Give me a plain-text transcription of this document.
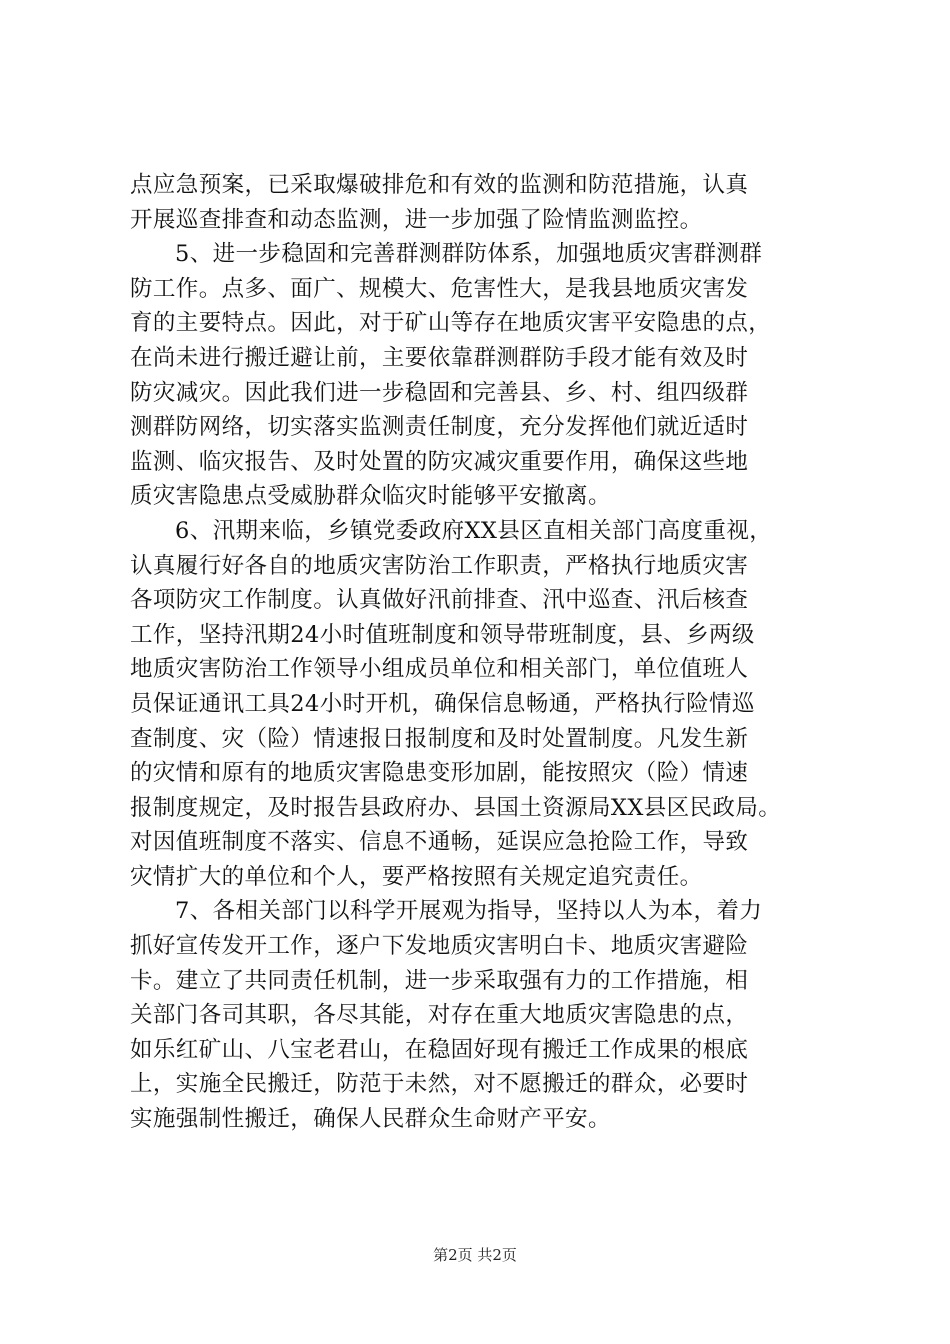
点应急预案，已采取爆破排危和有效的监测和防范措施，认真
开展巡查排查和动态监测，进一步加强了险情监测监控。
5、进一步稳固和完善群测群防体系，加强地质灾害群测群
防工作。点多、面广、规模大、危害性大，是我县地质灾害发
育的主要特点。因此，对于矿山等存在地质灾害平安隐患的点，
在尚未进行搬迁避让前，主要依靠群测群防手段才能有效及时
防灾减灾。因此我们进一步稳固和完善县、乡、村、组四级群
测群防网络，切实落实监测责任制度，充分发挥他们就近适时
监测、临灾报告、及时处置的防灾减灾重要作用，确保这些地
质灾害隐患点受威胁群众临灾时能够平安撤离。
6、汛期来临，乡镇党委政府XX县区直相关部门高度重视，
认真履行好各自的地质灾害防治工作职责，严格执行地质灾害
各项防灾工作制度。认真做好汛前排查、汛中巡查、汛后核查
工作，坚持汛期24小时值班制度和领导带班制度，县、乡两级
地质灾害防治工作领导小组成员单位和相关部门，单位值班人
员保证通讯工具24小时开机，确保信息畅通，严格执行险情巡
查制度、灾（险）情速报日报制度和及时处置制度。凡发生新
的灾情和原有的地质灾害隐患变形加剧，能按照灾（险）情速
报制度规定，及时报告县政府办、县国土资源局XX县区民政局。
对因值班制度不落实、信息不通畅，延误应急抢险工作，导致
灾情扩大的单位和个人，要严格按照有关规定追究责任。
7、各相关部门以科学开展观为指导，坚持以人为本，着力
抓好宣传发开工作，逐户下发地质灾害明白卡、地质灾害避险
卡。建立了共同责任机制，进一步采取强有力的工作措施，相
关部门各司其职，各尽其能，对存在重大地质灾害隐患的点，
如乐红矿山、八宝老君山，在稳固好现有搬迁工作成果的根底
上，实施全民搬迁，防范于未然，对不愿搬迁的群众，必要时
实施强制性搬迁，确保人民群众生命财产平安。
第2页 共2页
